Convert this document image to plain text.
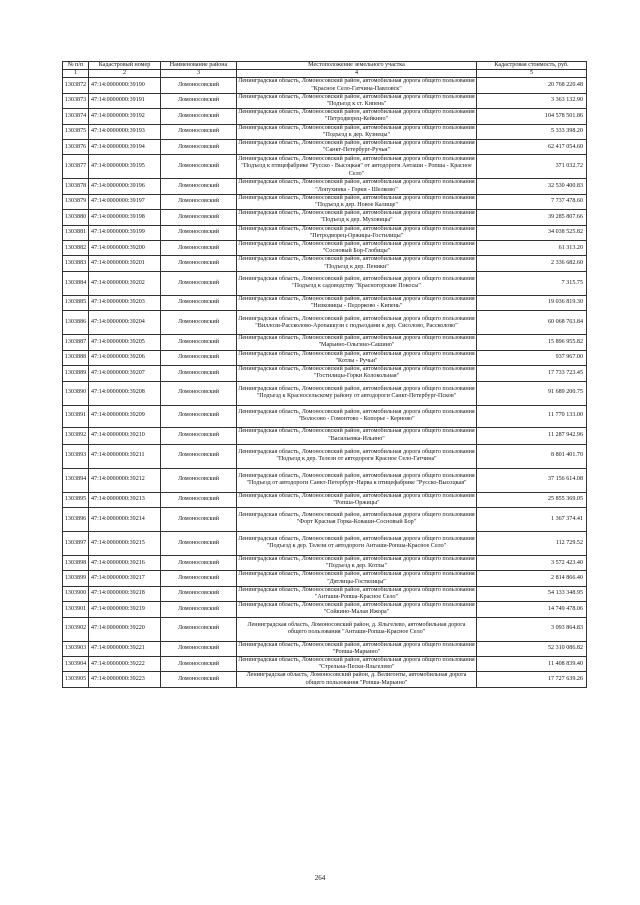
№ п/п	Кадастровый номер	Наименование района	Местоположение земельного участка	Кадастровая стоимость, руб.
1	2	3	4	5
1303872	47:14:0000000:39190	Ломоносовский	Ленинградская область, Ломоносовский район, автомобильная дорога общего пользования "Красное Село-Гатчина-Павловск"	20 768 220.48
1303873	47:14:0000000:39191	Ломоносовский	Ленинградская область, Ломоносовский район, автомобильная дорога общего пользования "Подъезд к ст. Кипень"	3 363 132.90
1303874	47:14:0000000:39192	Ломоносовский	Ленинградская область, Ломоносовский район, автомобильная дорога общего пользования "Петродворец-Кейкино"	104 578 501.86
1303875	47:14:0000000:39193	Ломоносовский	Ленинградская область, Ломоносовский район, автомобильная дорога общего пользования "Подъезд к дер. Кузнецы"	5 333 398.20
1303876	47:14:0000000:39194	Ломоносовский	Ленинградская область, Ломоносовский район, автомобильная дорога общего пользования "Санкт-Петербург-Ручьи"	62 417 054.60
1303877	47:14:0000000:39195	Ломоносовский	Ленинградская область, Ломоносовский район, автомобильная дорога общего пользования "Подъезд к птицефабрике "Русско - Высоцкая" от автодороги Анташи - Ропша - Красное Село"	371 032.72
1303878	47:14:0000000:39196	Ломоносовский	Ленинградская область, Ломоносовский район, автомобильная дорога общего пользования "Лопухинка - Горки - Шелково"	32 530 400.83
1303879	47:14:0000000:39197	Ломоносовский	Ленинградская область, Ломоносовский район, автомобильная дорога общего пользования "Подъезд к дер. Новое Калище"	7 737 478.60
1303880	47:14:0000000:39198	Ломоносовский	Ленинградская область, Ломоносовский район, автомобильная дорога общего пользования "Подъезд к дер. Муховицы"	39 285 807.66
1303881	47:14:0000000:39199	Ломоносовский	Ленинградская область, Ломоносовский район, автомобильная дорога общего пользования "Петродворец-Оржицы-Гостилицы"	34 038 525.82
1303882	47:14:0000000:39200	Ломоносовский	Ленинградская область, Ломоносовский район, автомобильная дорога общего пользования "Сосновый Бор-Глобицы"	61 313.20
1303883	47:14:0000000:39201	Ломоносовский	Ленинградская область, Ломоносовский район, автомобильная дорога общего пользования "Подъезд к дер. Пеники"	2 336 682.60
1303884	47:14:0000000:39202	Ломоносовский	Ленинградская область, Ломоносовский район, автомобильная дорога общего пользования "Подъезд к садоводству "Красногорские Покосы"	7 315.75
1303885	47:14:0000000:39203	Ломоносовский	Ленинградская область, Ломоносовский район, автомобильная дорога общего пользования "Низковицы - Педорково - Кипень"	19 036 819.30
1303886	47:14:0000000:39204	Ломоносовский	Ленинградская область, Ломоносовский район, автомобильная дорога общего пользования "Виллози-Рассколово-Аропаккузи с подъездами к дер. Сисолово, Рассколово"	60 068 763.84
1303887	47:14:0000000:39205	Ломоносовский	Ленинградская область, Ломоносовский район, автомобильная дорога общего пользования "Марьино-Ольгино-Сашино"	15 896 955.82
1303888	47:14:0000000:39206	Ломоносовский	Ленинградская область, Ломоносовский район, автомобильная дорога общего пользования "Котлы - Ручьи"	937 967.00
1303889	47:14:0000000:39207	Ломоносовский	Ленинградская область, Ломоносовский район, автомобильная дорога общего пользования "Гостилицы-Горки Колокольная"	17 733 723.45
1303890	47:14:0000000:39208	Ломоносовский	Ленинградская область, Ломоносовский район, автомобильная дорога общего пользования "Подъезд к Красносельскому району от автодороги Санкт-Петербург-Псков"	91 689 200.75
1303891	47:14:0000000:39209	Ломоносовский	Ленинградская область, Ломоносовский район, автомобильная дорога общего пользования "Волосово - Гомонтово - Копорье - Керново"	11 770 133.00
1303892	47:14:0000000:39210	Ломоносовский	Ленинградская область, Ломоносовский район, автомобильная дорога общего пользования "Васильевка-Ильино"	11 287 942.96
1303893	47:14:0000000:39211	Ломоносовский	Ленинградская область, Ломоносовский район, автомобильная дорога общего пользования "Подъезд к дер. Телези от автодороги Красное Село-Гатчина"	8 801 401.70
1303894	47:14:0000000:39212	Ломоносовский	Ленинградская область, Ломоносовский район, автомобильная дорога общего пользования "Подъезд от автодороги Санкт-Петербург-Нарва к птицефабрике "Русско-Высоцкая"	37 156 614.08
1303895	47:14:0000000:39213	Ломоносовский	Ленинградская область, Ломоносовский район, автомобильная дорога общего пользования "Ропша-Оржицы"	25 855 369.05
1303896	47:14:0000000:39214	Ломоносовский	Ленинградская область, Ломоносовский район, автомобильная дорога общего пользования "Форт Красная Горка-Коваши-Сосновый Бор"	1 367 374.41
1303897	47:14:0000000:39215	Ломоносовский	Ленинградская область, Ломоносовский район, автомобильная дорога общего пользования "Подъезд к дер. Телези от автодороги Анташи-Ропша-Красное Село"	112 729.52
1303898	47:14:0000000:39216	Ломоносовский	Ленинградская область, Ломоносовский район, автомобильная дорога общего пользования "Подъезд к дер. Котлы"	3 572 423.40
1303899	47:14:0000000:39217	Ломоносовский	Ленинградская область, Ломоносовский район, автомобильная дорога общего пользования "Дятлицы-Гостилицы"	2 814 866.40
1303900	47:14:0000000:39218	Ломоносовский	Ленинградская область, Ломоносовский район, автомобильная дорога общего пользования "Анташи-Ропша-Красное Село"	54 133 348.95
1303901	47:14:0000000:39219	Ломоносовский	Ленинградская область, Ломоносовский район, автомобильная дорога общего пользования "Сойкино-Малая Ижора"	14 749 478.06
1303902	47:14:0000000:39220	Ломоносовский	Ленинградская область, Ломоносовский район, д. Яльгелево, автомобильная дорога общего пользования "Анташи-Ропша-Красное Село"	3 093 864.83
1303903	47:14:0000000:39221	Ломоносовский	Ленинградская область, Ломоносовский район, автомобильная дорога общего пользования "Ропша-Марьино"	52 310 086.82
1303904	47:14:0000000:39222	Ломоносовский	Ленинградская область, Ломоносовский район, автомобильная дорога общего пользования "Стрельна-Пески-Яльгелево"	11 408 839.40
1303905	47:14:0000000:39223	Ломоносовский	Ленинградская область, Ломоносовский район, д. Велигонты, автомобильная дорога общего пользования "Ропша-Марьино"	17 727 639.26
264
